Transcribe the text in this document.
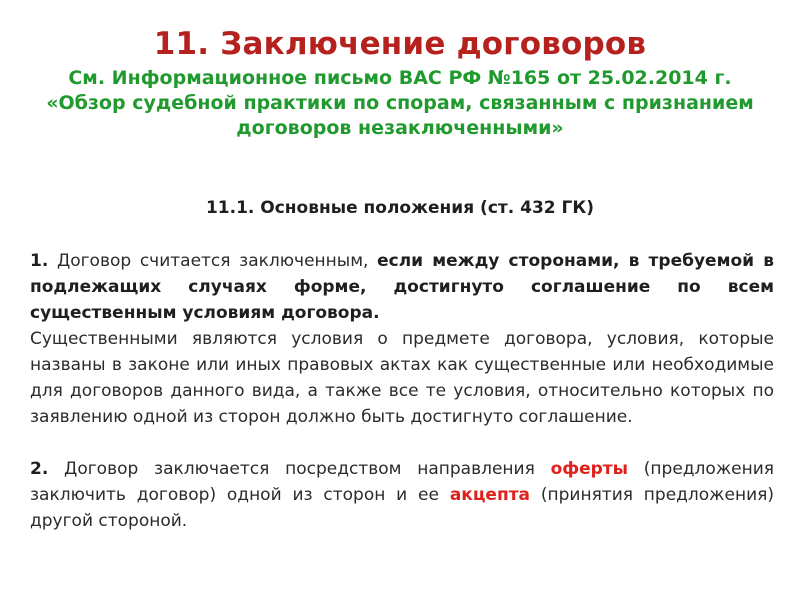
11. Заключение договоров
См. Информационное письмо ВАС РФ №165 от 25.02.2014 г. «Обзор судебной практики по спорам, связанным с признанием договоров незаключенными»
11.1. Основные положения (ст. 432 ГК)

1. Договор считается заключенным, если между сторонами, в требуемой в подлежащих случаях форме, достигнуто соглашение по всем существенным условиям договора.

Существенными являются условия о предмете договора, условия, которые названы в законе или иных правовых актах как существенные или необходимые для договоров данного вида, а также все те условия, относительно которых по заявлению одной из сторон должно быть достигнуто соглашение.

2. Договор заключается посредством направления оферты (предложения заключить договор) одной из сторон и ее акцепта (принятия предложения) другой стороной.
